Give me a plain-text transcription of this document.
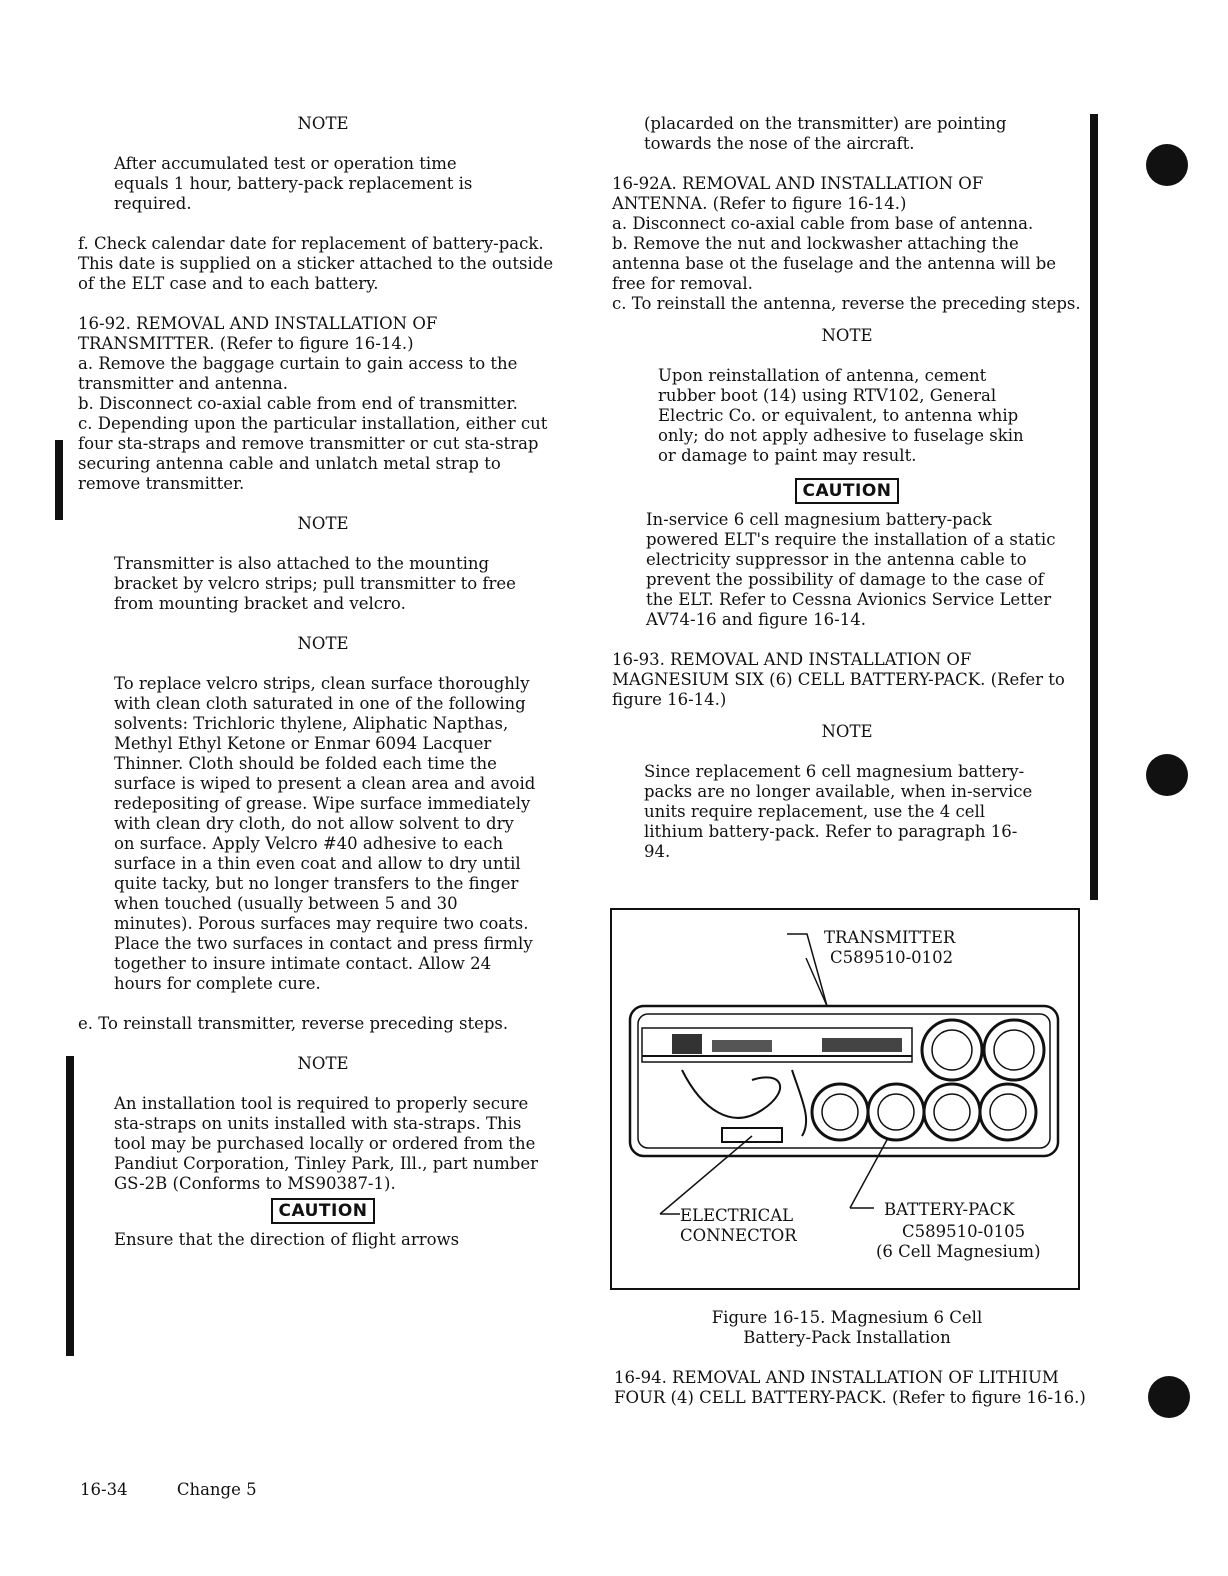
NOTE

After accumulated test or operation time equals 1 hour, battery-pack replacement is required.

f. Check calendar date for replacement of battery-pack. This date is supplied on a sticker attached to the outside of the ELT case and to each battery.

16-92. REMOVAL AND INSTALLATION OF TRANSMITTER. (Refer to figure 16-14.)

a. Remove the baggage curtain to gain access to the transmitter and antenna.

b. Disconnect co-axial cable from end of transmitter.

c. Depending upon the particular installation, either cut four sta-straps and remove transmitter or cut sta-strap securing antenna cable and unlatch metal strap to remove transmitter.

NOTE

Transmitter is also attached to the mounting bracket by velcro strips; pull transmitter to free from mounting bracket and velcro.

NOTE

To replace velcro strips, clean surface thoroughly with clean cloth saturated in one of the following solvents: Trichloric thylene, Aliphatic Napthas, Methyl Ethyl Ketone or Enmar 6094 Lacquer Thinner. Cloth should be folded each time the surface is wiped to present a clean area and avoid redepositing of grease. Wipe surface immediately with clean dry cloth, do not allow solvent to dry on surface. Apply Velcro #40 adhesive to each surface in a thin even coat and allow to dry until quite tacky, but no longer transfers to the finger when touched (usually between 5 and 30 minutes). Porous surfaces may require two coats. Place the two surfaces in contact and press firmly together to insure intimate contact. Allow 24 hours for complete cure.

e. To reinstall transmitter, reverse preceding steps.

NOTE

An installation tool is required to properly secure sta-straps on units installed with sta-straps. This tool may be purchased locally or ordered from the Pandiut Corporation, Tinley Park, Ill., part number GS-2B (Conforms to MS90387-1).

CAUTION

Ensure that the direction of flight arrows

(placarded on the transmitter) are pointing towards the nose of the aircraft.

16-92A. REMOVAL AND INSTALLATION OF ANTENNA. (Refer to figure 16-14.)

a. Disconnect co-axial cable from base of antenna.

b. Remove the nut and lockwasher attaching the antenna base ot the fuselage and the antenna will be free for removal.

c. To reinstall the antenna, reverse the preceding steps.

NOTE

Upon reinstallation of antenna, cement rubber boot (14) using RTV102, General Electric Co. or equivalent, to antenna whip only; do not apply adhesive to fuselage skin or damage to paint may result.

CAUTION

In-service 6 cell magnesium battery-pack powered ELT's require the installation of a static electricity suppressor in the antenna cable to prevent the possibility of damage to the case of the ELT. Refer to Cessna Avionics Service Letter AV74-16 and figure 16-14.

16-93. REMOVAL AND INSTALLATION OF MAGNESIUM SIX (6) CELL BATTERY-PACK. (Refer to figure 16-14.)

NOTE

Since replacement 6 cell magnesium battery-packs are no longer available, when in-service units require replacement, use the 4 cell lithium battery-pack. Refer to paragraph 16-94.

TRANSMITTER
C589510-0102
ELECTRICAL
CONNECTOR
BATTERY-PACK
C589510-0105
(6 Cell Magnesium)

Figure 16-15. Magnesium 6 Cell

Battery-Pack Installation

16-94. REMOVAL AND INSTALLATION OF LITHIUM FOUR (4) CELL BATTERY-PACK. (Refer to figure 16-16.)

16-34	Change 5
